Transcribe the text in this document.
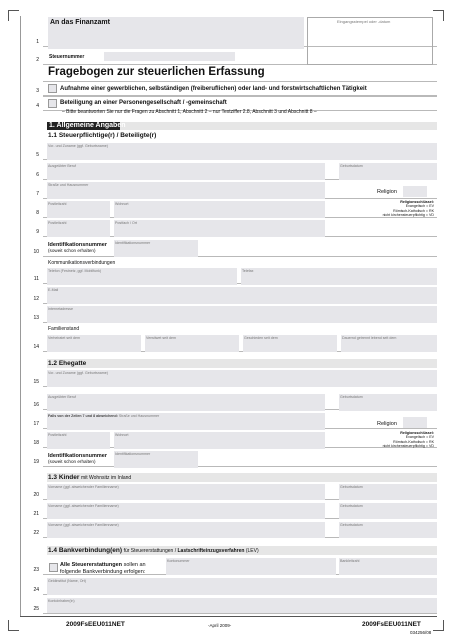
1
2
3
4
5
6
7
8
9
10
11
12
13
14
15
16
17
18
19
20
21
22
23
24
25
An das Finanzamt	Eingangsstempel oder -datum
Steuernummer
Fragebogen zur steuerlichen Erfassung
Aufnahme einer gewerblichen, selbständigen (freiberuflichen) oder land- und forstwirtschaftlichen Tätigkeit
Beteiligung an einer Personengesellschaft / -gemeinschaft
– Bitte beantworten Sie nur die Fragen zu Abschnitt 1, Abschnitt 2 – nur Textziffer 2.8, Abschnitt 3 und Abschnitt 8 –
1. Allgemeine Angaben
1.1 Steuerpflichtige(r) / Beteiligte(r)
Vor- und Zuname (ggf. Geburtsname)
Ausgeübter Beruf	Geburtsdatum
Straße und Hausnummer
Religion
Postleitzahl	Wohnort	Religionsschlüssel:
Evangelisch = EV
Römisch-Katholisch = RK
nicht kirchensteuerpflichtig = VD
Postleitzahl	Postfach / Ort
Identifikationsnummer
(soweit schon erhalten)
Identifikationsnummer
Kommunikationsverbindungen
Telefon (Festnetz, ggf. Mobilfunk)	Telefax
E-Mail
Internetadresse
Familienstand
Verheiratet seit dem	Verwitwet seit dem	Geschieden seit dem	Dauernd getrennt lebend seit dem
1.2 Ehegatte
Vor- und Zuname (ggf. Geburtsname)
Ausgeübter Beruf	Geburtsdatum
Falls von der Zeilen 7 und 8 abweichend: Straße und Hausnummer
Religion
Postleitzahl	Wohnort	Religionsschlüssel:
Evangelisch = EV
Römisch-Katholisch = RK
nicht kirchensteuerpflichtig = VD
Identifikationsnummer
(soweit schon erhalten)
Identifikationsnummer
1.3 Kinder mit Wohnsitz im Inland
Vorname (ggf. abweichender Familienname)	Geburtsdatum
Vorname (ggf. abweichender Familienname)	Geburtsdatum
Vorname (ggf. abweichender Familienname)	Geburtsdatum
1.4 Bankverbindung(en) für Steuererstattungen / Lastschrifteinzugsverfahren (LEV)
Alle Steuererstattungen sollen an
folgende Bankverbindung erfolgen:
Kontonummer	Bankleitzahl
Geldinstitut (Name, Ort)
Kontoinhaber(in)
2009FsEEU011NET	-April 2009-	2009FsEEU011NET
034256/08
